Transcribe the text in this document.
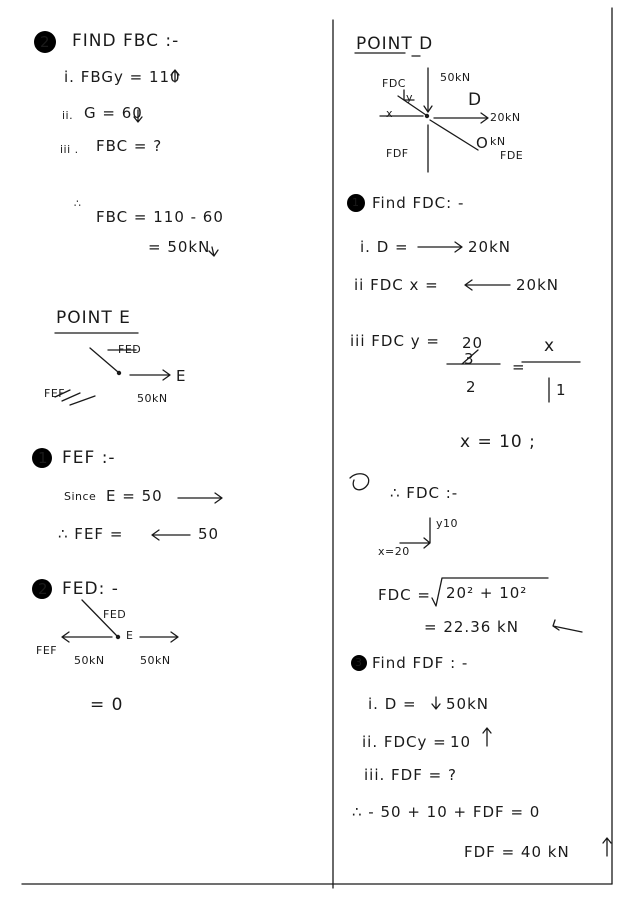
2 FIND FBC :-
i. FBGy = 110
ii. G = 60
iii . FBC = ?
∴
FBC = 110 - 60
= 50kN
POINT E
FED
E
FEF	50kN
1 FEF :-
Since E = 50
∴ FEF =	50
2 FED: -
FED
FEF
E
50kN	50kN
= 0
POINT D
FDC
y
x
50kN
D
20kN
FDF
O kN
FDE
1 Find FDC: -
i. D =	20kN
ii FDC x =	20kN
iii FDC y = 20
3
2
=
x
1
x = 10 ;
∴ FDC :-
y10
x=20
FDC = 20² + 10²
= 22.36 kN
3 Find FDF : -
i. D = 50kN
ii. FDCy = 10
iii. FDF = ?
∴ - 50 + 10 + FDF = 0
FDF = 40 kN
